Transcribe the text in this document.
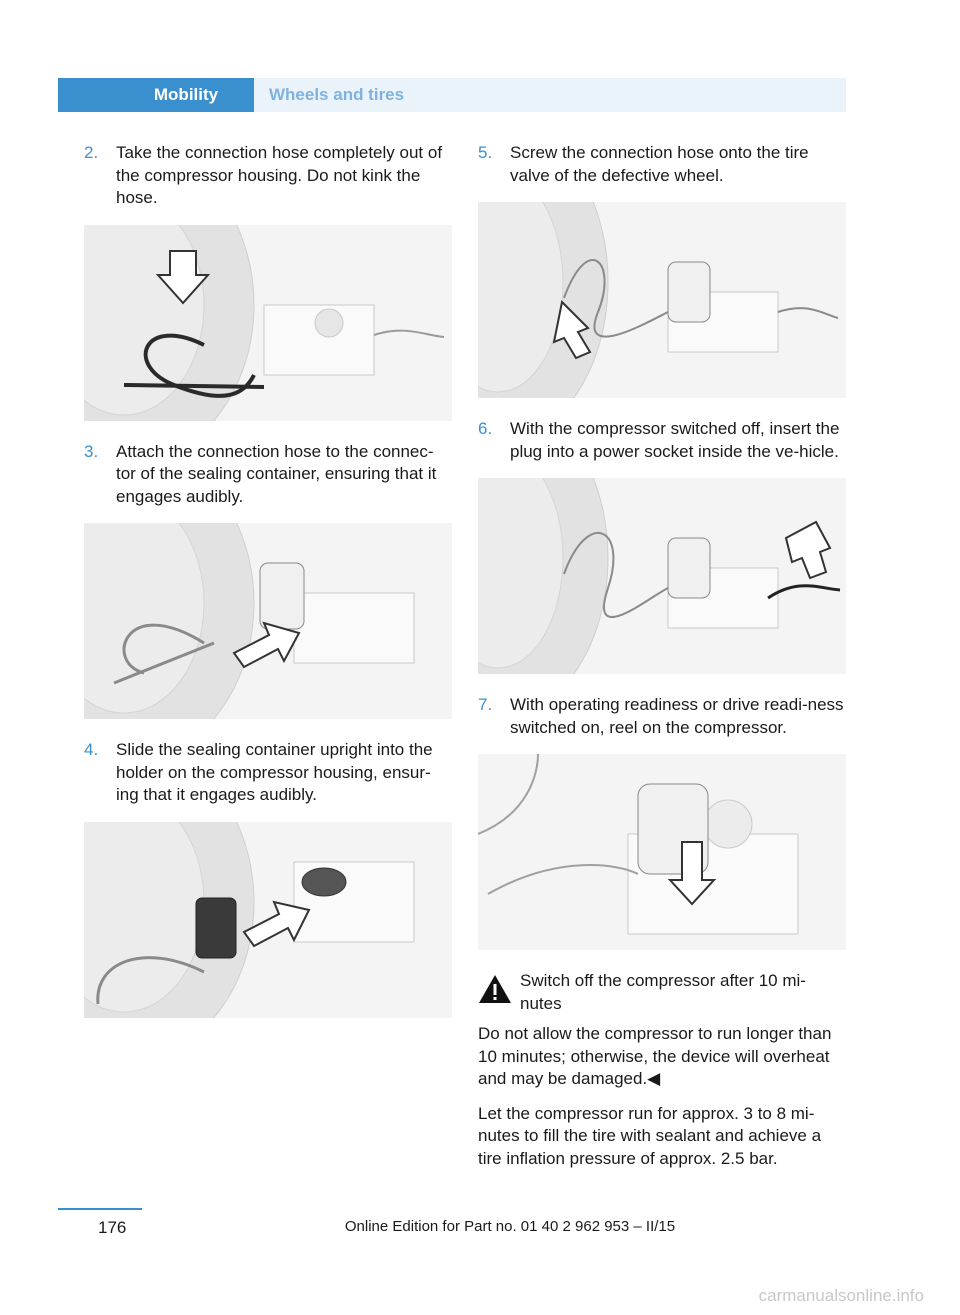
Mobility	Wheels and tires
2. Take the connection hose completely out of the compressor housing. Do not kink the hose.
3. Attach the connection hose to the connec‐tor of the sealing container, ensuring that it engages audibly.
4. Slide the sealing container upright into the holder on the compressor housing, ensur‐ing that it engages audibly.
5. Screw the connection hose onto the tire valve of the defective wheel.
6. With the compressor switched off, insert the plug into a power socket inside the ve‐hicle.
7. With operating readiness or drive readi‐ness switched on, reel on the compressor.
Switch off the compressor after 10 mi‐nutes

Do not allow the compressor to run longer than 10 minutes; otherwise, the device will overheat and may be damaged.◀

Let the compressor run for approx. 3 to 8 mi‐nutes to fill the tire with sealant and achieve a tire inflation pressure of approx. 2.5 bar.

176	Online Edition for Part no. 01 40 2 962 953 – II/15
carmanualsonline.info
